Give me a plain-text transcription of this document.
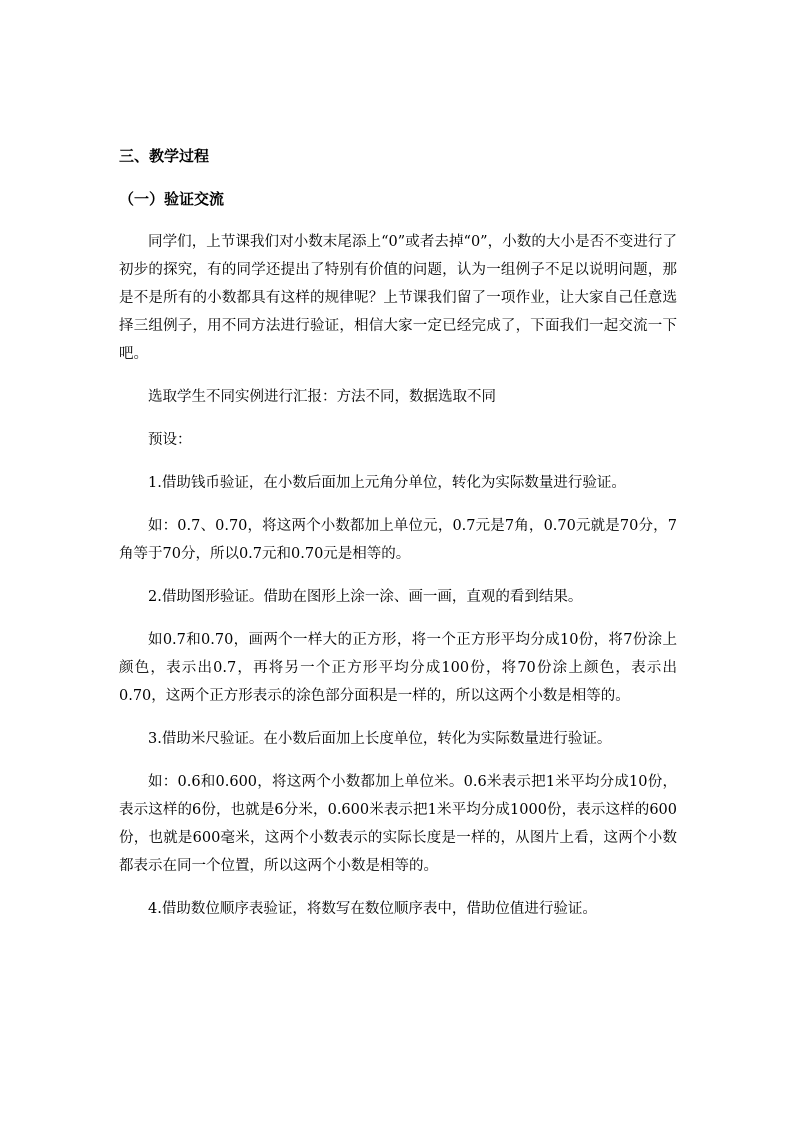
三、教学过程

（一）验证交流

同学们，上节课我们对小数末尾添上“0”或者去掉“0”，小数的大小是否不变进行了初步的探究，有的同学还提出了特别有价值的问题，认为一组例子不足以说明问题，那是不是所有的小数都具有这样的规律呢？上节课我们留了一项作业，让大家自己任意选择三组例子，用不同方法进行验证，相信大家一定已经完成了，下面我们一起交流一下吧。

选取学生不同实例进行汇报：方法不同，数据选取不同

预设：

1.借助钱币验证，在小数后面加上元角分单位，转化为实际数量进行验证。

如：0.7、0.70，将这两个小数都加上单位元，0.7元是7角，0.70元就是70分，7角等于70分，所以0.7元和0.70元是相等的。

2.借助图形验证。借助在图形上涂一涂、画一画，直观的看到结果。

如0.7和0.70，画两个一样大的正方形，将一个正方形平均分成10份，将7份涂上颜色，表示出0.7，再将另一个正方形平均分成100份，将70份涂上颜色，表示出0.70，这两个正方形表示的涂色部分面积是一样的，所以这两个小数是相等的。

3.借助米尺验证。在小数后面加上长度单位，转化为实际数量进行验证。

如：0.6和0.600，将这两个小数都加上单位米。0.6米表示把1米平均分成10份，表示这样的6份，也就是6分米，0.600米表示把1米平均分成1000份，表示这样的600份，也就是600毫米，这两个小数表示的实际长度是一样的，从图片上看，这两个小数都表示在同一个位置，所以这两个小数是相等的。

4.借助数位顺序表验证，将数写在数位顺序表中，借助位值进行验证。
